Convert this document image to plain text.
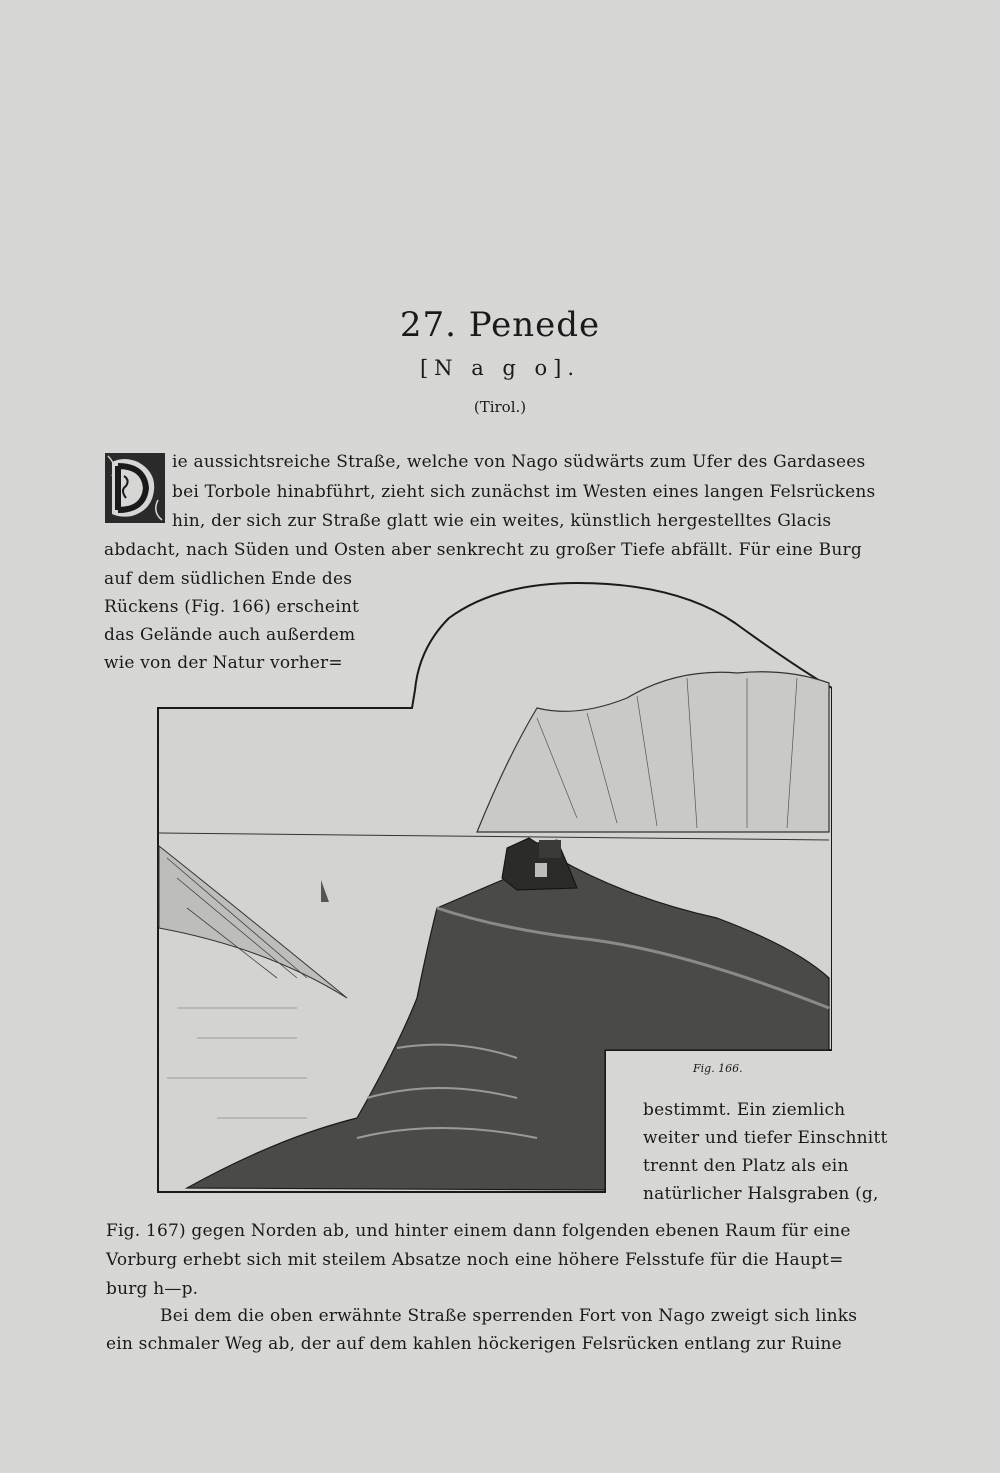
27. Penede
[N a g o].
(Tirol.)
ie aussichtsreiche Straße, welche von Nago südwärts zum Ufer des Gardasees
bei Torbole hinabführt, zieht sich zunächst im Westen eines langen Felsrückens
hin, der sich zur Straße glatt wie ein weites, künstlich hergestelltes Glacis
abdacht, nach Süden und Osten aber senkrecht zu großer Tiefe abfällt. Für eine Burg
auf dem südlichen Ende des
Rückens (Fig. 166) erscheint
das Gelände auch außerdem
wie von der Natur vorher=
Fig. 166.
bestimmt. Ein ziemlich
weiter und tiefer Einschnitt
trennt den Platz als ein
natürlicher Halsgraben (g,
Fig. 167) gegen Norden ab, und hinter einem dann folgenden ebenen Raum für eine
Vorburg erhebt sich mit steilem Absatze noch eine höhere Felsstufe für die Haupt=
burg h—p.
Bei dem die oben erwähnte Straße sperrenden Fort von Nago zweigt sich links
ein schmaler Weg ab, der auf dem kahlen höckerigen Felsrücken entlang zur Ruine
